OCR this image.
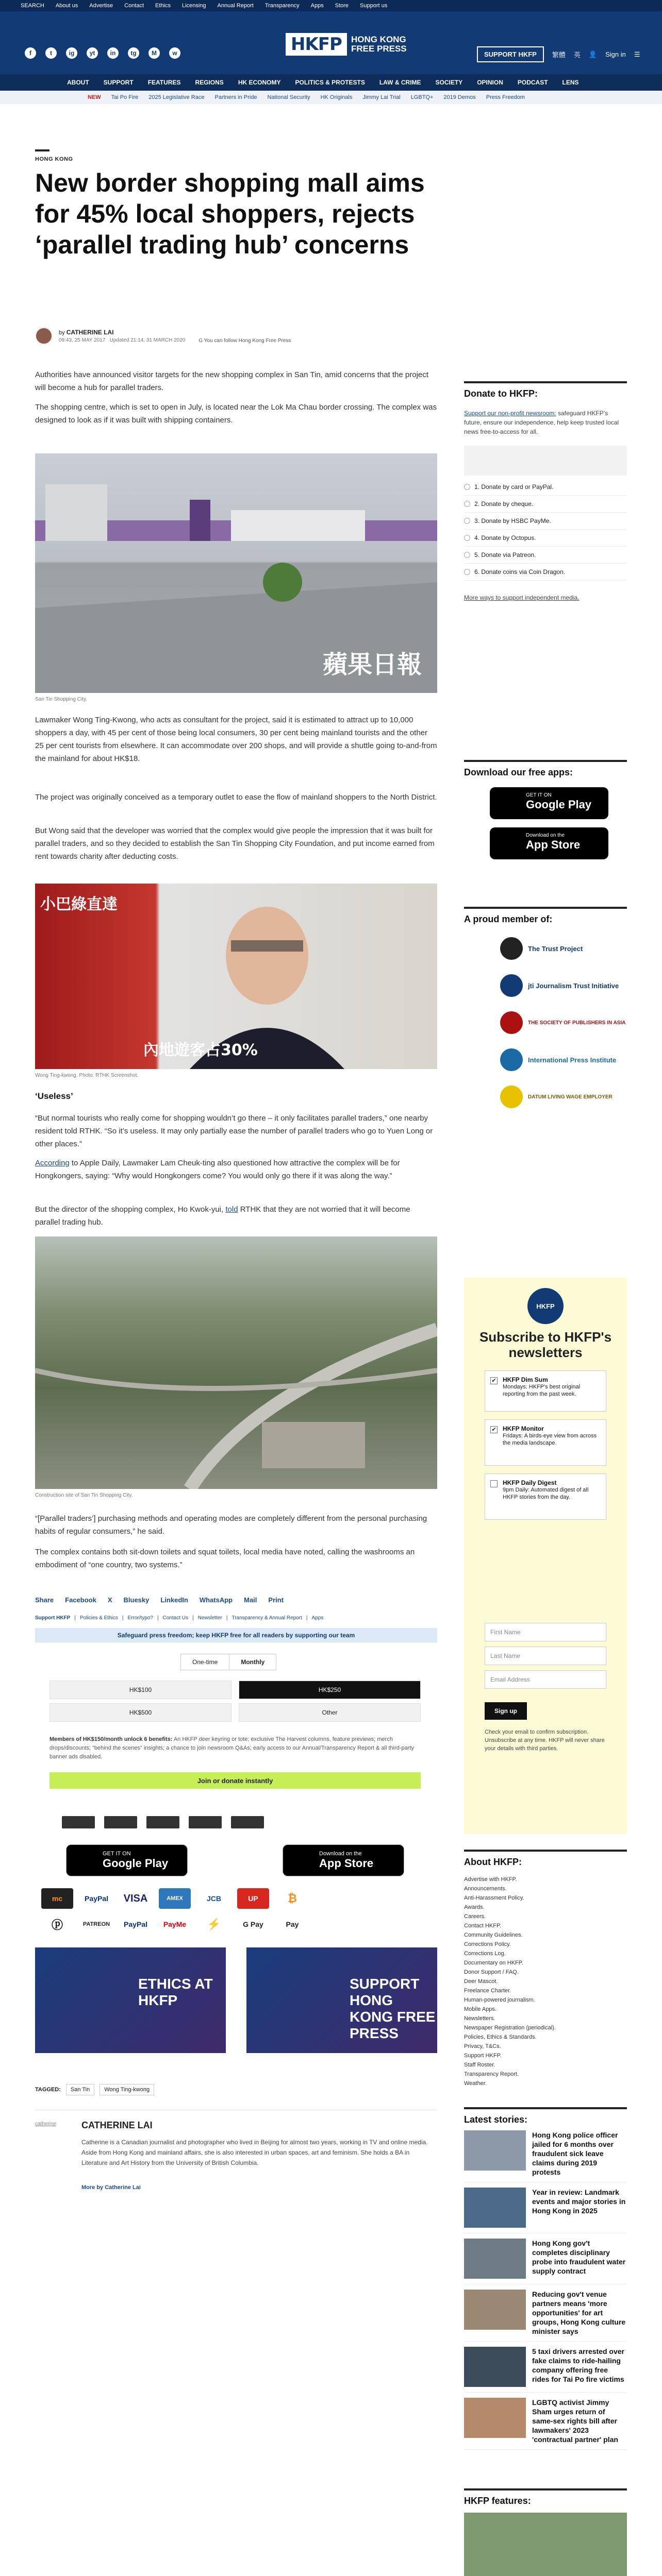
SEARCH About us Advertise Contact Ethics Licensing Annual Report Transparency Apps Store Support us
f	t	ig	yt	in	tg	M	w	HKFP	HONG KONG FREE PRESS
SUPPORT HKFP	繁體 英 👤 Sign in ☰
ABOUT SUPPORT FEATURES REGIONS HK ECONOMY POLITICS & PROTESTS LAW & CRIME SOCIETY OPINION PODCAST LENS
NEW Tai Po Fire 2025 Legislative Race Partners in Pride National Security HK Originals Jimmy Lai Trial LGBTQ+ 2019 Demos Press Freedom
HONG KONG
New border shopping mall aims for 45% local shoppers, rejects ‘parallel trading hub’ concerns
by CATHERINE LAI
09:43, 25 MAY 2017 Updated 21:14, 31 MARCH 2020	G You can follow Hong Kong Free Press

Authorities have announced visitor targets for the new shopping complex in San Tin, amid concerns that the project will become a hub for parallel traders.

The shopping centre, which is set to open in July, is located near the Lok Ma Chau border crossing. The complex was designed to look as if it was built with shipping containers.

蘋果日報
San Tin Shopping City.

Lawmaker Wong Ting-Kwong, who acts as consultant for the project, said it is estimated to attract up to 10,000 shoppers a day, with 45 per cent of those being local consumers, 30 per cent being mainland tourists and the other 25 per cent tourists from elsewhere. It can accommodate over 200 shops, and will provide a shuttle going to-and-from the mainland for about HK$18.

The project was originally conceived as a temporary outlet to ease the flow of mainland shoppers to the North District.

But Wong said that the developer was worried that the complex would give people the impression that it was built for parallel traders, and so they decided to establish the San Tin Shopping City Foundation, and put income earned from rent towards charity after deducting costs.

小巴綠直達
內地遊客占30%
Wong Ting-kwong. Photo: RTHK Screenshot.
‘Useless’

“But normal tourists who really come for shopping wouldn’t go there – it only facilitates parallel traders,” one nearby resident told RTHK. “So it’s useless. It may only partially ease the number of parallel traders who go to Yuen Long or other places.”

According to Apple Daily, Lawmaker Lam Cheuk-ting also questioned how attractive the complex will be for Hongkongers, saying: “Why would Hongkongers come? You would only go there if it was along the way.”

But the director of the shopping complex, Ho Kwok-yui, told RTHK that they are not worried that it will become parallel trading hub.

Construction site of San Tin Shopping City.

“[Parallel traders’] purchasing methods and operating modes are completely different from the personal purchasing habits of regular consumers,” he said.

The complex contains both sit-down toilets and squat toilets, local media have noted, calling the washrooms an embodiment of “one country, two systems.”

Share Facebook X Bluesky LinkedIn WhatsApp Mail Print
Support HKFP | Policies & Ethics | Error/typo? | Contact Us | Newsletter | Transparency & Annual Report | Apps
Safeguard press freedom; keep HKFP free for all readers by supporting our team
One-time	Monthly
HK$100	HK$250
HK$500	Other
Members of HK$150/month unlock 6 benefits: An HKFP deer keyring or tote; exclusive The Harvest columns, feature previews; merch drops/discounts; “behind the scenes” insights; a chance to join newsroom Q&As; early access to our Annual/Transparency Report & all third-party banner ads disabled.
Join or donate instantly
GET IT ON
Google Play
Download on the
App Store
mc	PayPal	VISA	AMEX	JCB	UP	₿
ⓟ	PATREON	PayPal	PayMe	⚡	G Pay	Pay
ETHICS AT HKFP
SUPPORT HONG KONG FREE PRESS
TAGGED:	San Tin	Wong Ting-kwong
catherine	CATHERINE LAI
Catherine is a Canadian journalist and photographer who lived in Beijing for almost two years, working in TV and online media. Aside from Hong Kong and mainland affairs, she is also interested in urban spaces, art and feminism. She holds a BA in Literature and Art History from the University of British Columbia.
More by Catherine Lai
Donate to HKFP:

Support our non-profit newsroom: safeguard HKFP’s future, ensure our independence, help keep trusted local news free-to-access for all.

1. Donate by card or PayPal.
2. Donate by cheque.
3. Donate by HSBC PayMe.
4. Donate by Octopus.
5. Donate via Patreon.
6. Donate coins via Coin Dragon.

More ways to support independent media.

Download our free apps:
GET IT ON
Google Play
Download on the
App Store
A proud member of:
The Trust Project
jti Journalism Trust Initiative
THE SOCIETY OF PUBLISHERS IN ASIA
International Press Institute
DATUM LIVING WAGE EMPLOYER
HKFP
Subscribe to HKFP's newsletters
✔ HKFP Dim Sum
Mondays: HKFP's best original reporting from the past week.
✔ HKFP Monitor
Fridays: A birds-eye view from across the media landscape.
HKFP Daily Digest
9pm Daily: Automated digest of all HKFP stories from the day.
First Name
Last Name
Email Address
Sign up
Check your email to confirm subscription. Unsubscribe at any time. HKFP will never share your details with third parties.
About HKFP:
Advertise with HKFP.
Announcements.
Anti-Harassment Policy.
Awards.
Careers.
Contact HKFP.
Community Guidelines.
Corrections Policy.
Corrections Log.
Documentary on HKFP.
Donor Support / FAQ.
Deer Mascot.
Freelance Charter.
Human-powered journalism.
Mobile Apps.
Newsletters.
Newspaper Registration (periodical).
Policies, Ethics & Standards.
Privacy, T&Cs.
Support HKFP.
Staff Roster.
Transparency Report.
Weather.
Latest stories:
Hong Kong police officer jailed for 6 months over fraudulent sick leave claims during 2019 protests
Year in review: Landmark events and major stories in Hong Kong in 2025
Hong Kong gov't completes disciplinary probe into fraudulent water supply contract
Reducing gov't venue partners means 'more opportunities' for art groups, Hong Kong culture minister says
5 taxi drivers arrested over fake claims to ride-hailing company offering free rides for Tai Po fire victims
LGBTQ activist Jimmy Sham urges return of same-sex rights bill after lawmakers' 2023 'contractual partner' plan
HKFP features:
